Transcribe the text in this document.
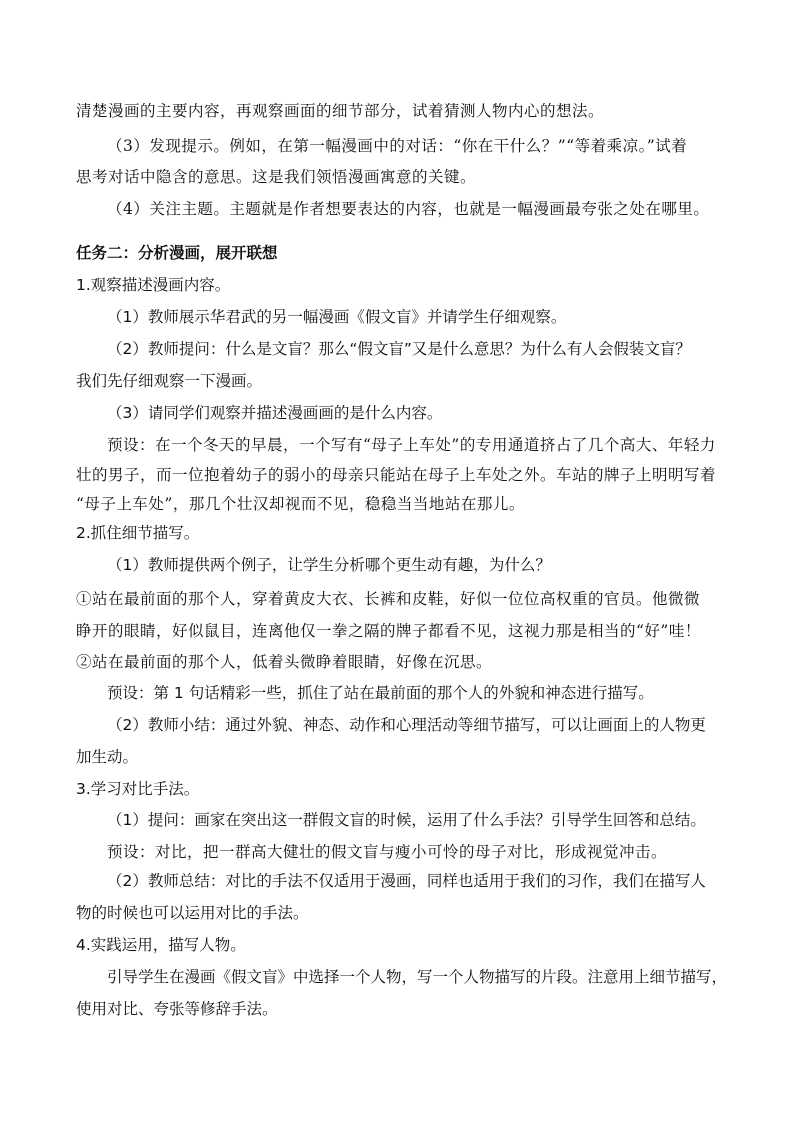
清楚漫画的主要内容，再观察画面的细节部分，试着猜测人物内心的想法。
（3）发现提示。例如，在第一幅漫画中的对话：“你在干什么？”“等着乘凉。”试着
思考对话中隐含的意思。这是我们领悟漫画寓意的关键。
（4）关注主题。主题就是作者想要表达的内容，也就是一幅漫画最夸张之处在哪里。
任务二：分析漫画，展开联想
1.观察描述漫画内容。
（1）教师展示华君武的另一幅漫画《假文盲》并请学生仔细观察。
（2）教师提问：什么是文盲？那么“假文盲”又是什么意思？为什么有人会假装文盲？
我们先仔细观察一下漫画。
（3）请同学们观察并描述漫画画的是什么内容。
预设：在一个冬天的早晨，一个写有“母子上车处”的专用通道挤占了几个高大、年轻力
壮的男子，而一位抱着幼子的弱小的母亲只能站在母子上车处之外。车站的牌子上明明写着
“母子上车处”，那几个壮汉却视而不见，稳稳当当地站在那儿。
2.抓住细节描写。
（1）教师提供两个例子，让学生分析哪个更生动有趣，为什么？
①站在最前面的那个人，穿着黄皮大衣、长裤和皮鞋，好似一位位高权重的官员。他微微
睁开的眼睛，好似鼠目，连离他仅一拳之隔的牌子都看不见，这视力那是相当的“好”哇！
②站在最前面的那个人，低着头微睁着眼睛，好像在沉思。
预设：第 1 句话精彩一些，抓住了站在最前面的那个人的外貌和神态进行描写。
（2）教师小结：通过外貌、神态、动作和心理活动等细节描写，可以让画面上的人物更
加生动。
3.学习对比手法。
（1）提问：画家在突出这一群假文盲的时候，运用了什么手法？引导学生回答和总结。
预设：对比，把一群高大健壮的假文盲与瘦小可怜的母子对比，形成视觉冲击。
（2）教师总结：对比的手法不仅适用于漫画，同样也适用于我们的习作，我们在描写人
物的时候也可以运用对比的手法。
4.实践运用，描写人物。
引导学生在漫画《假文盲》中选择一个人物，写一个人物描写的片段。注意用上细节描写，
使用对比、夸张等修辞手法。
